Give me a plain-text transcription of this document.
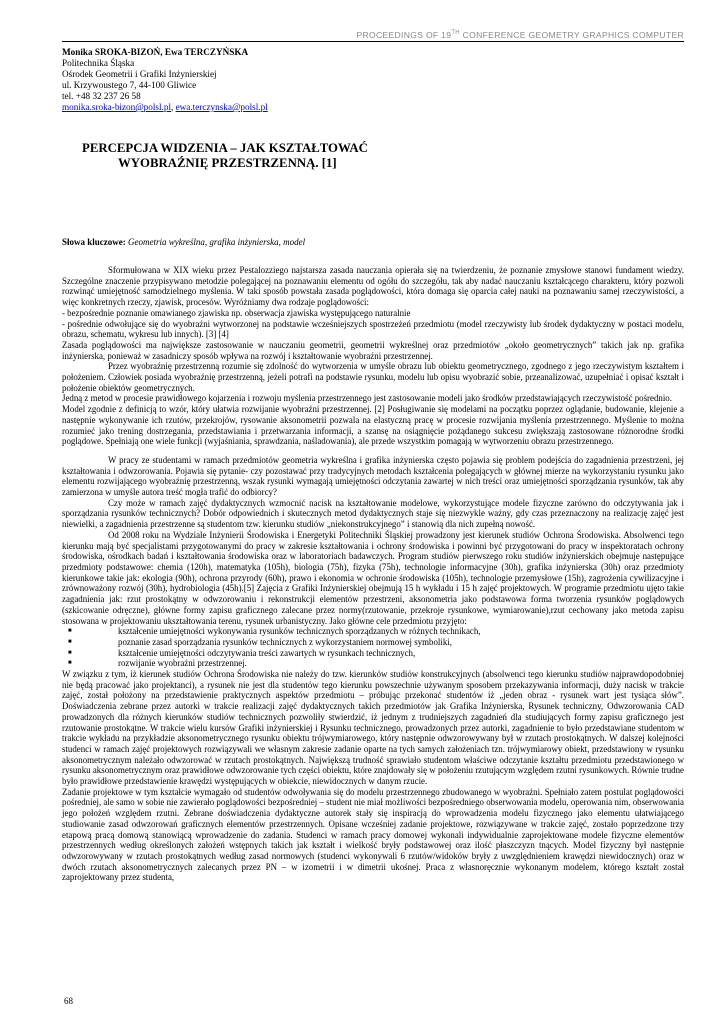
PROCEEDINGS OF 19TH CONFERENCE GEOMETRY GRAPHICS COMPUTER
Monika SROKA-BIZOŃ, Ewa TERCZYŃSKA
Politechnika Śląska
Ośrodek Geometrii i Grafiki Inżynierskiej
ul. Krzywoustego 7, 44-100 Gliwice
tel. +48 32 237 26 58
monika.sroka-bizon@polsl.pl, ewa.terczynska@polsl.pl
PERCEPCJA WIDZENIA – JAK KSZTAŁTOWAĆ
WYOBRAŹNIĘ PRZESTRZENNĄ. [1]
Słowa kluczowe: Geometria wykreślna, grafika inżynierska, model

Sformułowana w XIX wieku przez Pestalozziego najstarsza zasada nauczania opierała się na twierdzeniu, że poznanie zmysłowe stanowi fundament wiedzy. Szczególne znaczenie przypisywano metodzie polegającej na poznawaniu elementu od ogółu do szczegółu, tak aby nadać nauczaniu kształcącego charakteru, który pozwoli rozwinąć umiejętność samodzielnego myślenia. W taki sposób powstała zasada poglądowości, która domaga się oparcia całej nauki na poznawaniu samej rzeczywistości, a więc konkretnych rzeczy, zjawisk, procesów. Wyróżniamy dwa rodzaje poglądowości:

- bezpośrednie poznanie omawianego zjawiska np. obserwacja zjawiska występującego naturalnie

- pośrednie odwołujące się do wyobraźni wytworzonej na podstawie wcześniejszych spostrzeżeń przedmiotu (model rzeczywisty lub środek dydaktyczny w postaci modelu, obrazu, schematu, wykresu lub innych). [3] [4]

Zasada poglądowości ma największe zastosowanie w nauczaniu geometrii, geometrii wykreślnej oraz przedmiotów „około geometrycznych” takich jak np. grafika inżynierska, ponieważ w zasadniczy sposób wpływa na rozwój i kształtowanie wyobraźni przestrzennej.

Przez wyobraźnię przestrzenną rozumie się zdolność do wytworzenia w umyśle obrazu lub obiektu geometrycznego, zgodnego z jego rzeczywistym kształtem i położeniem. Człowiek posiada wyobraźnię przestrzenną, jeżeli potrafi na podstawie rysunku, modelu lub opisu wyobrazić sobie, przeanalizować, uzupełniać i opisać kształt i położenie obiektów geometrycznych.

Jedną z metod w procesie prawidłowego kojarzenia i rozwoju myślenia przestrzennego jest zastosowanie modeli jako środków przedstawiających rzeczywistość pośrednio.

Model zgodnie z definicją to wzór, który ułatwia rozwijanie wyobraźni przestrzennej. [2] Posługiwanie się modelami na początku poprzez oglądanie, budowanie, klejenie a następnie wykonywanie ich rzutów, przekrojów, rysowanie aksonometrii pozwala na elastyczną pracę w procesie rozwijania myślenia przestrzennego. Myślenie to można rozumieć jako trening dostrzegania, przedstawiania i przetwarzania informacji, a szansę na osiągnięcie pożądanego sukcesu zwiększają zastosowane różnorodne środki poglądowe. Spełniają one wiele funkcji (wyjaśniania, sprawdzania, naśladowania), ale przede wszystkim pomagają w wytworzeniu obrazu przestrzennego.

W pracy ze studentami w ramach przedmiotów geometria wykreślna i grafika inżynierska często pojawia się problem podejścia do zagadnienia przestrzeni, jej kształtowania i odwzorowania. Pojawia się pytanie- czy pozostawać przy tradycyjnych metodach kształcenia polegających w głównej mierze na wykorzystaniu rysunku jako elementu rozwijającego wyobraźnię przestrzenną, wszak rysunki wymagają umiejętności odczytania zawartej w nich treści oraz umiejętności sporządzania rysunków, tak aby zamierzona w umyśle autora treść mogła trafić do odbiorcy?

Czy może w ramach zajęć dydaktycznych wzmocnić nacisk na kształtowanie modelowe, wykorzystujące modele fizyczne zarówno do odczytywania jak i sporządzania rysunków technicznych? Dobór odpowiednich i skutecznych metod dydaktycznych staje się niezwykle ważny, gdy czas przeznaczony na realizację zajęć jest niewielki, a zagadnienia przestrzenne są studentom tzw. kierunku studiów „niekonstrukcyjnego” i stanowią dla nich zupełną nowość.

Od 2008 roku na Wydziale Inżynierii Środowiska i Energetyki Politechniki Śląskiej prowadzony jest kierunek studiów Ochrona Środowiska. Absolwenci tego kierunku mają być specjalistami przygotowanymi do pracy w zakresie kształtowania i ochrony środowiska i powinni być przygotowani do pracy w inspektoratach ochrony środowiska, ośrodkach badań i kształtowania środowiska oraz w laboratoriach badawczych. Program studiów pierwszego roku studiów inżynierskich obejmuje następujące przedmioty podstawowe: chemia (120h), matematyka (105h), biologia (75h), fizyka (75h), technologie informacyjne (30h), grafika inżynierska (30h) oraz przedmioty kierunkowe takie jak: ekologia (90h), ochrona przyrody (60h), prawo i ekonomia w ochronie środowiska (105h), technologie przemysłowe (15h), zagrożenia cywilizacyjne i zrównoważony rozwój (30h), hydrobiologia (45h).[5] Zajęcia z Grafiki Inżynierskiej obejmują 15 h wykładu i 15 h zajęć projektowych. W programie przedmiotu ujęto takie zagadnienia jak: rzut prostokątny w odwzorowaniu i rekonstrukcji elementów przestrzeni, aksonometria jako podstawowa forma tworzenia rysunków poglądowych (szkicowanie odręczne), główne formy zapisu graficznego zalecane przez normy(rzutowanie, przekroje rysunkowe, wymiarowanie),rzut cechowany jako metoda zapisu stosowana w projektowaniu ukształtowania terenu, rysunek urbanistyczny. Jako główne cele przedmiotu przyjęto:

■	kształcenie umiejętności wykonywania rysunków technicznych sporządzanych w różnych technikach,
■	poznanie zasad sporządzania rysunków technicznych z wykorzystaniem normowej symboliki,
■	kształcenie umiejętności odczytywania treści zawartych w rysunkach technicznych,
■	rozwijanie wyobraźni przestrzennej.

W związku z tym, iż kierunek studiów Ochrona Środowiska nie należy do tzw. kierunków studiów konstrukcyjnych (absolwenci tego kierunku studiów najprawdopodobniej nie będą pracować jako projektanci), a rysunek nie jest dla studentów tego kierunku powszechnie używanym sposobem przekazywania informacji, duży nacisk w trakcie zajęć, został położony na przedstawienie praktycznych aspektów przedmiotu – próbując przekonać studentów iż „jeden obraz - rysunek wart jest tysiąca słów”. Doświadczenia zebrane przez autorki w trakcie realizacji zajęć dydaktycznych takich przedmiotów jak Grafika Inżynierska, Rysunek techniczny, Odwzorowania CAD prowadzonych dla różnych kierunków studiów technicznych pozwoliły stwierdzić, iż jednym z trudniejszych zagadnień dla studiujących formy zapisu graficznego jest rzutowanie prostokątne. W trakcie wielu kursów Grafiki inżynierskiej i Rysunku technicznego, prowadzonych przez autorki, zagadnienie to było przedstawiane studentom w trakcie wykładu na przykładzie aksonometrycznego rysunku obiektu trójwymiarowego, który następnie odwzorowywany był w rzutach prostokątnych. W dalszej kolejności studenci w ramach zajęć projektowych rozwiązywali we własnym zakresie zadanie oparte na tych samych założeniach tzn. trójwymiarowy obiekt, przedstawiony w rysunku aksonometrycznym należało odwzorować w rzutach prostokątnych. Największą trudność sprawiało studentom właściwe odczytanie kształtu przedmiotu przedstawionego w rysunku aksonometrycznym oraz prawidłowe odwzorowanie tych części obiektu, które znajdowały się w położeniu rzutującym względem rzutni rysunkowych. Równie trudne było prawidłowe przedstawienie krawędzi występujących w obiekcie, niewidocznych w danym rzucie.

Zadanie projektowe w tym kształcie wymagało od studentów odwoływania się do modelu przestrzennego zbudowanego w wyobraźni. Spełniało zatem postulat poglądowości pośredniej, ale samo w sobie nie zawierało poglądowości bezpośredniej – student nie miał możliwości bezpośredniego obserwowania modelu, operowania nim, obserwowania jego położeń względem rzutni. Zebrane doświadczenia dydaktyczne autorek stały się inspiracją do wprowadzenia modelu fizycznego jako elementu ułatwiającego studiowanie zasad odwzorowań graficznych elementów przestrzennych. Opisane wcześniej zadanie projektowe, rozwiązywane w trakcie zajęć, zostało poprzedzone trzy etapową pracą domową stanowiącą wprowadzenie do zadania. Studenci w ramach pracy domowej wykonali indywidualnie zaprojektowane modele fizyczne elementów przestrzennych według określonych założeń wstępnych takich jak kształt i wielkość bryły podstawowej oraz ilość płaszczyzn tnących. Model fizyczny był następnie odwzorowywany w rzutach prostokątnych według zasad normowych (studenci wykonywali 6 rzutów/widoków bryły z uwzględnieniem krawędzi niewidocznych) oraz w dwóch rzutach aksonometrycznych zalecanych przez PN – w izometrii i w dimetrii ukośnej. Praca z własnoręcznie wykonanym modelem, którego kształt został zaprojektowany przez studenta,

68
